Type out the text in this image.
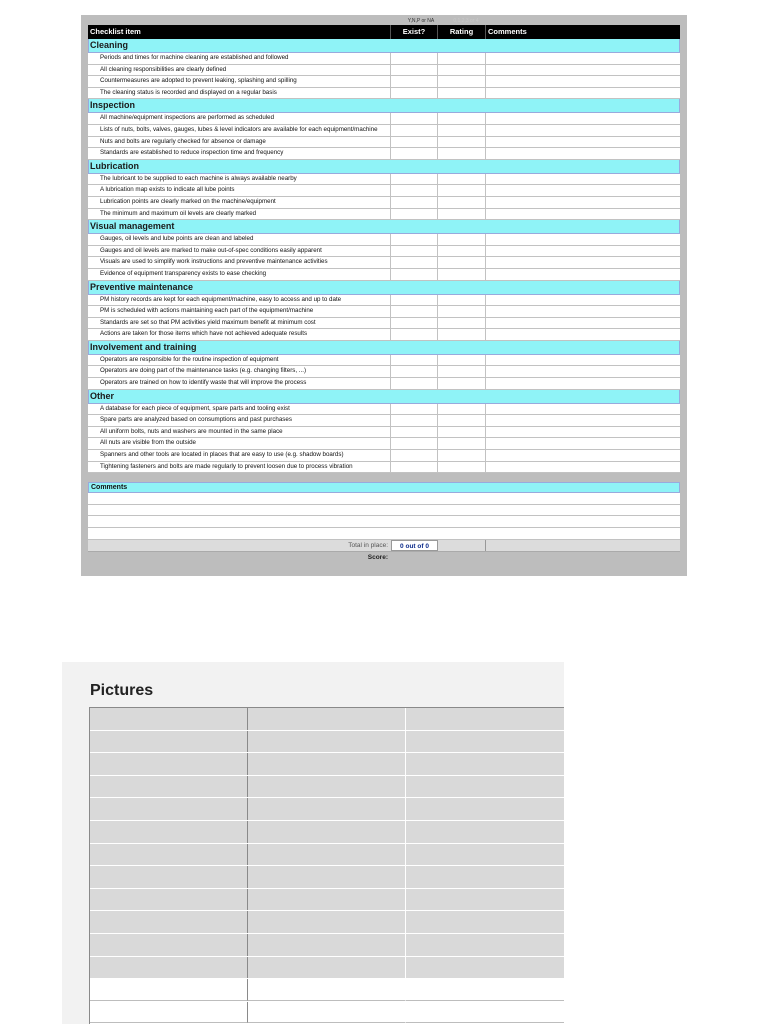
Y,N,P or NA	0,1,2,3 or 4
Checklist item	Exist?	Rating	Comments
Cleaning
Periods and times for machine cleaning are established and followed
All cleaning responsibilities are clearly defined
Countermeasures are adopted to prevent leaking, splashing and spilling
The cleaning status is recorded and displayed on a regular basis
Inspection
All machine/equipment inspections are performed as scheduled
Lists of nuts, bolts, valves, gauges, lubes & level indicators are available for each equipment/machine
Nuts and bolts are regularly checked for absence or damage
Standards are established to reduce inspection time and frequency
Lubrication
The lubricant to be supplied to each machine is always available nearby
A lubrication map exists to indicate all lube points
Lubrication points are clearly marked on the machine/equipment
The minimum and maximum oil levels are clearly marked
Visual management
Gauges, oil levels and lube points are clean and labeled
Gauges and oil levels are marked to make out-of-spec conditions easily apparent
Visuals are used to simplify work instructions and preventive maintenance activities
Evidence of equipment transparency exists to ease checking
Preventive maintenance
PM history records are kept for each equipment/machine, easy to access and up to date
PM is scheduled with actions maintaining each part of the equipment/machine
Standards are set so that PM activities yield maximum benefit at minimum cost
Actions are taken for those items which have not achieved adequate results
Involvement and training
Operators are responsible for the routine inspection of equipment
Operators are doing part of the maintenance tasks (e.g. changing filters, ...)
Operators are trained on how to identify waste that will improve the process
Other
A database for each piece of equipment, spare parts and tooling exist
Spare parts are analyzed based on consumptions and past purchases
All uniform bolts, nuts and washers are mounted in the same place
All nuts are visible from the outside
Spanners and other tools are located in places that are easy to use (e.g. shadow boards)
Tightening fasteners and bolts are made regularly to prevent loosen due to process vibration
Comments
Total in place:	0 out of 0
Score:
Pictures
